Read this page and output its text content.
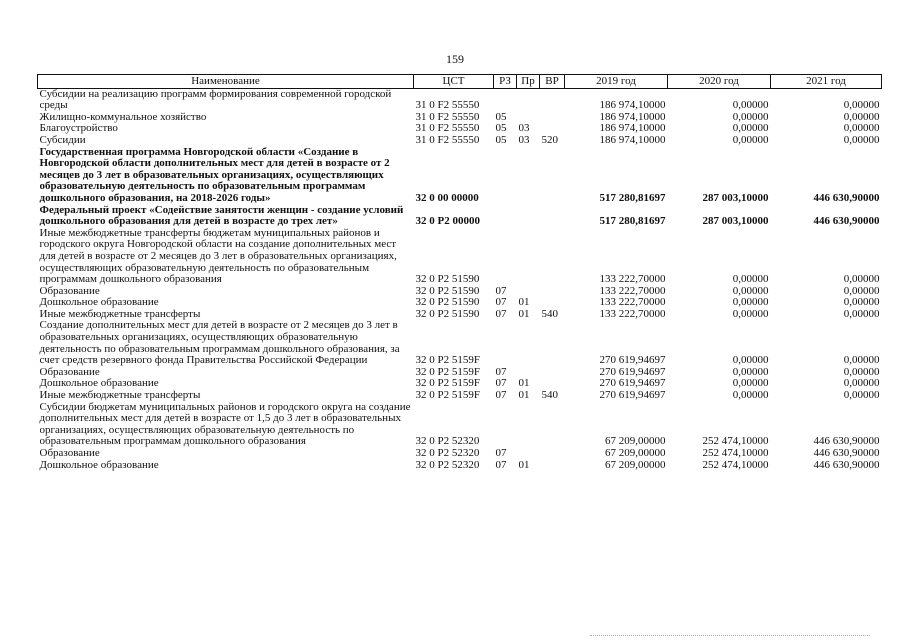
159
Наименование	ЦСТ	РЗ	Пр	ВР	2019 год	2020 год	2021 год
Субсидии на реализацию программ формирования современной городской среды	31 0 F2 55550				186 974,10000	0,00000	0,00000
Жилищно-коммунальное хозяйство	31 0 F2 55550	05			186 974,10000	0,00000	0,00000
Благоустройство	31 0 F2 55550	05	03		186 974,10000	0,00000	0,00000
Субсидии	31 0 F2 55550	05	03	520	186 974,10000	0,00000	0,00000
Государственная программа Новгородской области «Создание в Новгородской области дополнительных мест для детей в возрасте от 2 месяцев до 3 лет в образовательных организациях, осуществляющих образовательную деятельность по образовательным программам дошкольного образования, на 2018-2026 годы»	32 0 00 00000				517 280,81697	287 003,10000	446 630,90000
Федеральный проект «Содействие занятости женщин - создание условий дошкольного образования для детей в возрасте до трех лет»	32 0 P2 00000				517 280,81697	287 003,10000	446 630,90000
Иные межбюджетные трансферты бюджетам муниципальных районов и городского округа Новгородской области на создание дополнительных мест для детей в возрасте от 2 месяцев до 3 лет в образовательных организациях, осуществляющих образовательную деятельность по образовательным программам дошкольного образования	32 0 P2 51590				133 222,70000	0,00000	0,00000
Образование	32 0 P2 51590	07			133 222,70000	0,00000	0,00000
Дошкольное образование	32 0 P2 51590	07	01		133 222,70000	0,00000	0,00000
Иные межбюджетные трансферты	32 0 P2 51590	07	01	540	133 222,70000	0,00000	0,00000
Создание дополнительных мест для детей в возрасте от 2 месяцев до 3 лет в образовательных организациях, осуществляющих образовательную деятельность по образовательным программам дошкольного образования, за счет средств резервного фонда Правительства Российской Федерации	32 0 P2 5159F				270 619,94697	0,00000	0,00000
Образование	32 0 P2 5159F	07			270 619,94697	0,00000	0,00000
Дошкольное образование	32 0 P2 5159F	07	01		270 619,94697	0,00000	0,00000
Иные межбюджетные трансферты	32 0 P2 5159F	07	01	540	270 619,94697	0,00000	0,00000
Субсидии бюджетам муниципальных районов и городского округа на создание дополнительных мест для детей в возрасте от 1,5 до 3 лет в образовательных организациях, осуществляющих образовательную деятельность по образовательным программам дошкольного образования	32 0 P2 52320				67 209,00000	252 474,10000	446 630,90000
Образование	32 0 P2 52320	07			67 209,00000	252 474,10000	446 630,90000
Дошкольное образование	32 0 P2 52320	07	01		67 209,00000	252 474,10000	446 630,90000
